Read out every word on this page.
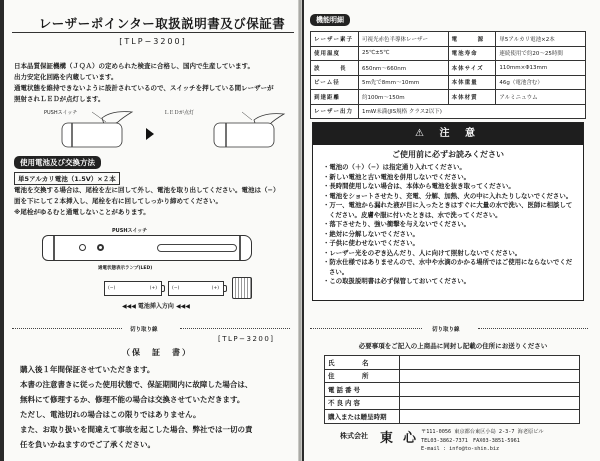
レーザーポインター取扱説明書及び保証書
[TLP−3200]
日本品質保証機構（ＪＱＡ）の定められた検査に合格し、国内で生産しています。
出力安定化回路を内蔵しています。
通電状態を維持できないように設計されているので、スイッチを押している間レーザーが
照射されＬＥＤが点灯します。
PUSHスイッチ	ＬＥＤが点灯
使用電池及び交換方法
単5アルカリ電池（1.5V）×２本
電池を交換する場合は、尾栓を左に回して外し、電池を取り出してください。電池は（−）
面を下にして２本挿入し、尾栓を右に回してしっかり締めてください。
※尾栓がゆるむと通電しないことがあります。
PUSHスイッチ
通電状態表示ランプ(LED)
(−)	(+)	(−)	(+)
◀◀◀ 電池挿入方向 ◀◀◀
切り取り線
[TLP−3200]
（保　証　書）
購入後１年間保証させていただきます。
本書の注意書きに従った使用状態で、保証期間内に故障した場合は、
無料にて修理するか、修理不能の場合は交換させていただきます。
ただし、電池切れの場合はこの限りではありません。
また、お取り扱いを間違えて事故を起こした場合、弊社では一切の責
任を負いかねますのでご了承ください。
機能明細
レーザー素子	可視光赤色半導体レーザー	電　　　源	単5アルカリ電池×2本
使用温度	25℃±5℃	電池寿命	連続使用で約20〜25時間
波　　　長	650nm〜660nm	本体サイズ	110mm×Φ13mm
ビーム径	5m先で8mm〜10mm	本体重量	46g（電池含む）
到達距離	約100m〜150m	本体材質	アルミニュウム
レーザー出力	1mW未満(JIS規格 クラス2以下)		
⚠ 注 意
ご使用前に必ずお読みください
・電池の（＋）（−）は指定通り入れてください。
・新しい電池と古い電池を併用しないでください。
・長時間使用しない場合は、本体から電池を抜き取ってください。
・電池をショートさせたり、充電、分解、加熱、火の中に入れたりしないでください。
・万一、電池から漏れた液が目に入ったときはすぐに大量の水で洗い、医師に相談してください。皮膚や服に付いたときは、水で洗ってください。
・落下させたり、強い衝撃を与えないでください。
・絶対に分解しないでください。
・子供に使わせないでください。
・レーザー光をのぞき込んだり、人に向けて照射しないでください。
・防水仕様ではありませんので、水中や水滴のかかる場所ではご使用にならないでください。
・この取扱説明書は必ず保管しておいてください。
切り取り線
必要事項をご記入の上商品に同封し記載の住所にお送りください
氏　　　名	
住　　　所	
電話番号	
不良内容	
購入または贈呈時期	
株式会社 東心
〒111-0056 東京都台東区小島 2-3-7 海老原ビル
TEL03-3862-7371　FAX03-3851-5961
E-mail : info@to-shin.biz
